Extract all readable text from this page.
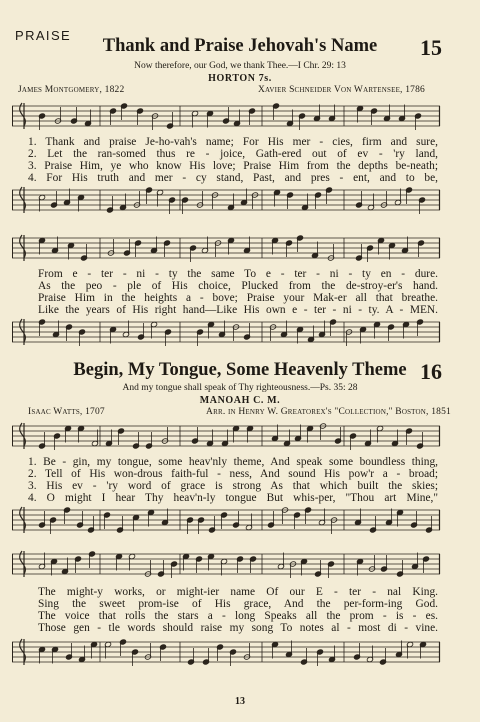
PRAISE
Thank and Praise Jehovah's Name	15
Now therefore, our God, we thank Thee.—I Chr. 29: 13
HORTON 7s.
James Montgomery, 1822	Xavier Schneider Von Wartensee, 1786
1. Thank and praise Je-ho-vah's name; For His mer - cies, firm and sure,
2. Let the ran-somed thus re - joice, Gath-ered out of ev - 'ry land,
3. Praise Him, ye who know His love; Praise Him from the depths be-neath;
4. For His truth and mer - cy stand, Past, and pres - ent, and to be,
From e - ter - ni - ty the same To e - ter - ni - ty en - dure.
As the peo - ple of His choice, Plucked from the de-stroy-er's hand.
Praise Him in the heights a - bove; Praise your Mak-er all that breathe.
Like the years of His right hand—Like His own e - ter - ni - ty. A - MEN.
Begin, My Tongue, Some Heavenly Theme 16
And my tongue shall speak of Thy righteousness.—Ps. 35: 28
MANOAH C. M.
Isaac Watts, 1707	Arr. in Henry W. Greatorex's "Collection," Boston, 1851
1. Be - gin, my tongue, some heav'nly theme, And speak some boundless thing,
2. Tell of His won-drous faith-ful - ness, And sound His pow'r a - broad;
3. His ev - 'ry word of grace is strong As that which built the skies;
4. O might I hear Thy heav'n-ly tongue But whis-per, "Thou art Mine,"
The might-y works, or might-ier name Of our E - ter - nal King.
Sing the sweet prom-ise of His grace, And the per-form-ing God.
The voice that rolls the stars a - long Speaks all the prom - is - es.
Those gen - tle words should raise my song To notes al - most di - vine.
13
